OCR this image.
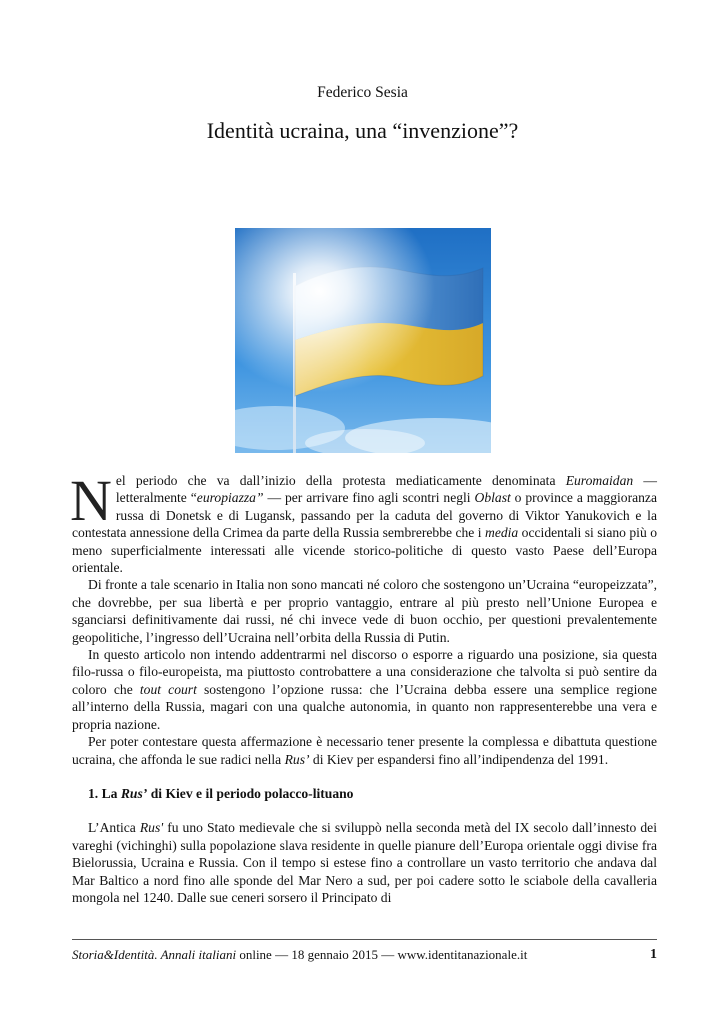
Federico Sesia
Identità ucraina, una “invenzione”?

Nel periodo che va dall’inizio della protesta mediaticamente denominata Euromaidan — letteralmente “europiazza” — per arrivare fino agli scontri negli Oblast o province a maggioranza russa di Donetsk e di Lugansk, passando per la caduta del governo di Viktor Yanukovich e la contestata annessione della Crimea da parte della Russia sembrerebbe che i media occidentali si siano più o meno superficialmente interessati alle vicende storico-politiche di questo vasto Paese dell’Europa orientale.

Di fronte a tale scenario in Italia non sono mancati né coloro che sostengono un’Ucraina “europeizzata”, che dovrebbe, per sua libertà e per proprio vantaggio, entrare al più presto nell’Unione Europea e sganciarsi definitivamente dai russi, né chi invece vede di buon occhio, per questioni prevalentemente geopolitiche, l’ingresso dell’Ucraina nell’orbita della Russia di Putin.

In questo articolo non intendo addentrarmi nel discorso o esporre a riguardo una posizione, sia questa filo-russa o filo-europeista, ma piuttosto controbattere a una considerazione che talvolta si può sentire da coloro che tout court sostengono l’opzione russa: che l’Ucraina debba essere una semplice regione all’interno della Russia, magari con una qualche autonomia, in quanto non rappresenterebbe una vera e propria nazione.

Per poter contestare questa affermazione è necessario tener presente la complessa e dibattuta questione ucraina, che affonda le sue radici nella Rus’ di Kiev per espandersi fino all’indipendenza del 1991.

1. La Rus’ di Kiev e il periodo polacco-lituano

L’Antica Rus' fu uno Stato medievale che si sviluppò nella seconda metà del IX secolo dall’innesto dei vareghi (vichinghi) sulla popolazione slava residente in quelle pianure dell’Europa orientale oggi divise fra Bielorussia, Ucraina e Russia. Con il tempo si estese fino a controllare un vasto territorio che andava dal Mar Baltico a nord fino alle sponde del Mar Nero a sud, per poi cadere sotto le sciabole della cavalleria mongola nel 1240. Dalle sue ceneri sorsero il Principato di

Storia&Identità. Annali italiani online — 18 gennaio 2015 — www.identitanazionale.it	1
